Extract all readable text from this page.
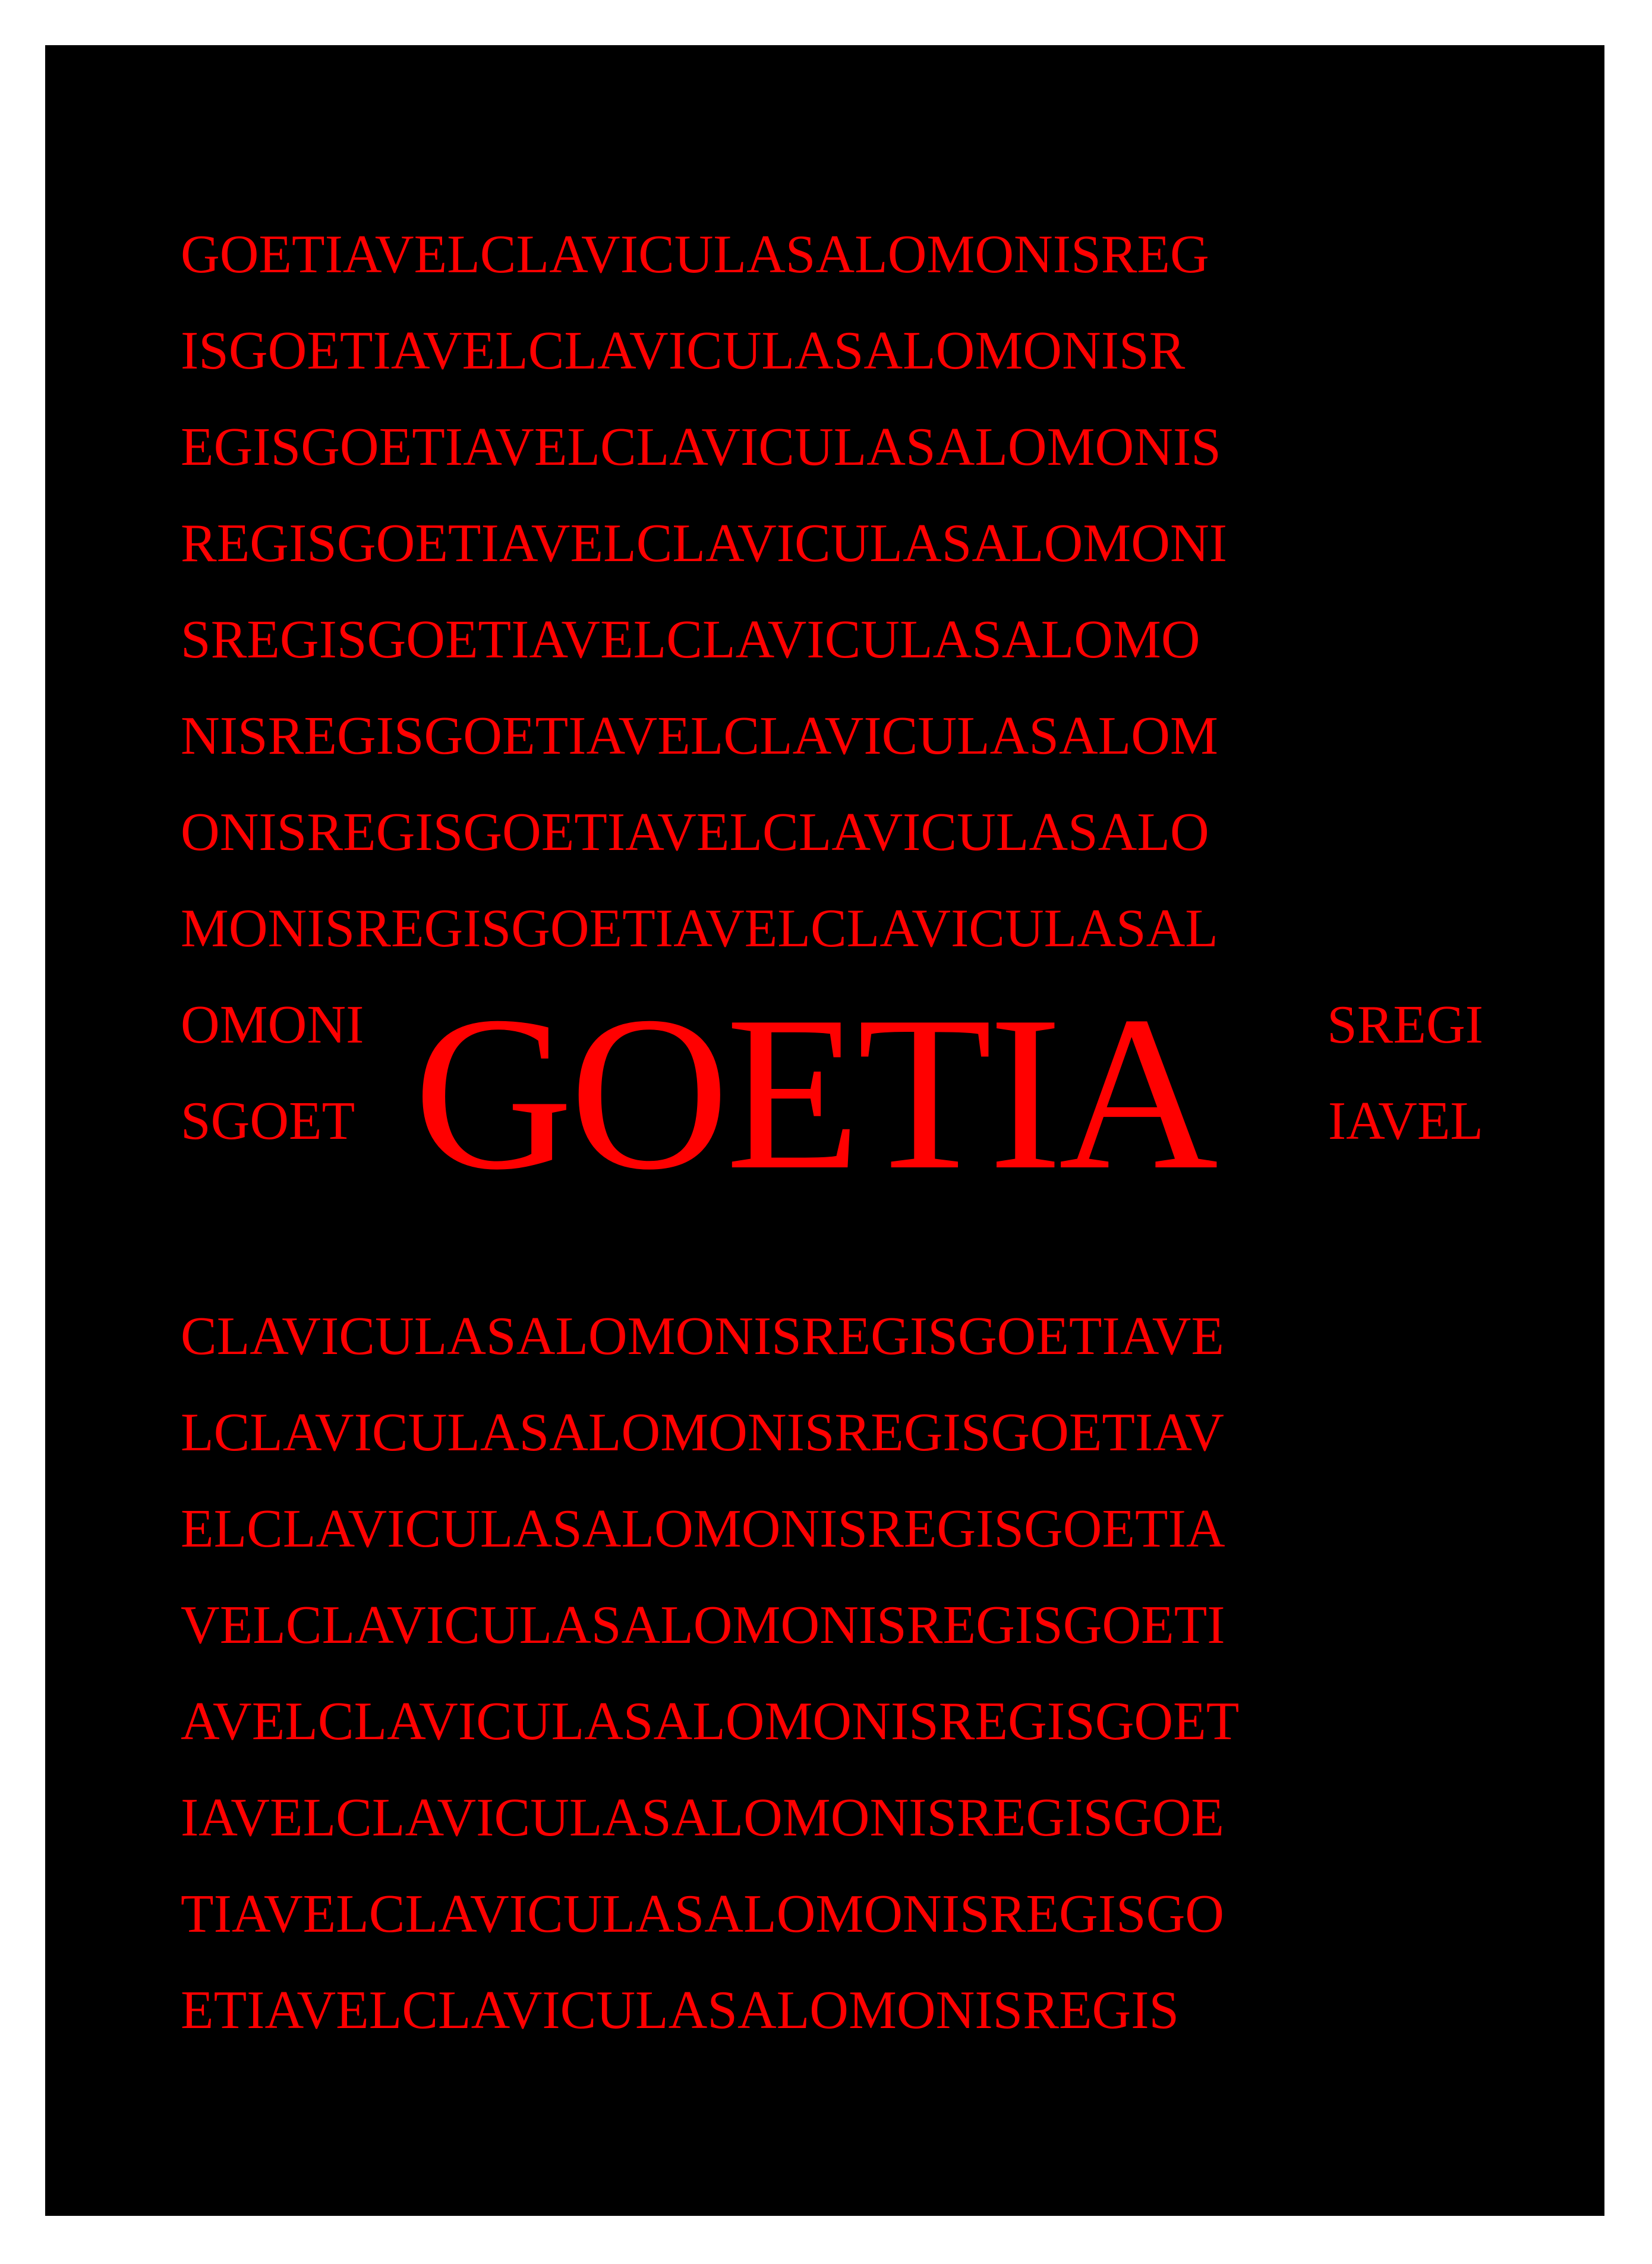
GOETIAVELCLAVICULASALOMONISREG
ISGOETIAVELCLAVICULASALOMONISR
EGISGOETIAVELCLAVICULASALOMONIS
REGISGOETIAVELCLAVICULASALOMONI
SREGISGOETIAVELCLAVICULASALOMO
NISREGISGOETIAVELCLAVICULASALOM
ONISREGISGOETIAVELCLAVICULASALO
MONISREGISGOETIAVELCLAVICULASAL
OMONI	SREGI
SGOET	IAVEL
GOETIA
CLAVICULASALOMONISREGISGOETIAVE
LCLAVICULASALOMONISREGISGOETIAV
ELCLAVICULASALOMONISREGISGOETIA
VELCLAVICULASALOMONISREGISGOETI
AVELCLAVICULASALOMONISREGISGOET
IAVELCLAVICULASALOMONISREGISGOE
TIAVELCLAVICULASALOMONISREGISGO
ETIAVELCLAVICULASALOMONISREGIS
